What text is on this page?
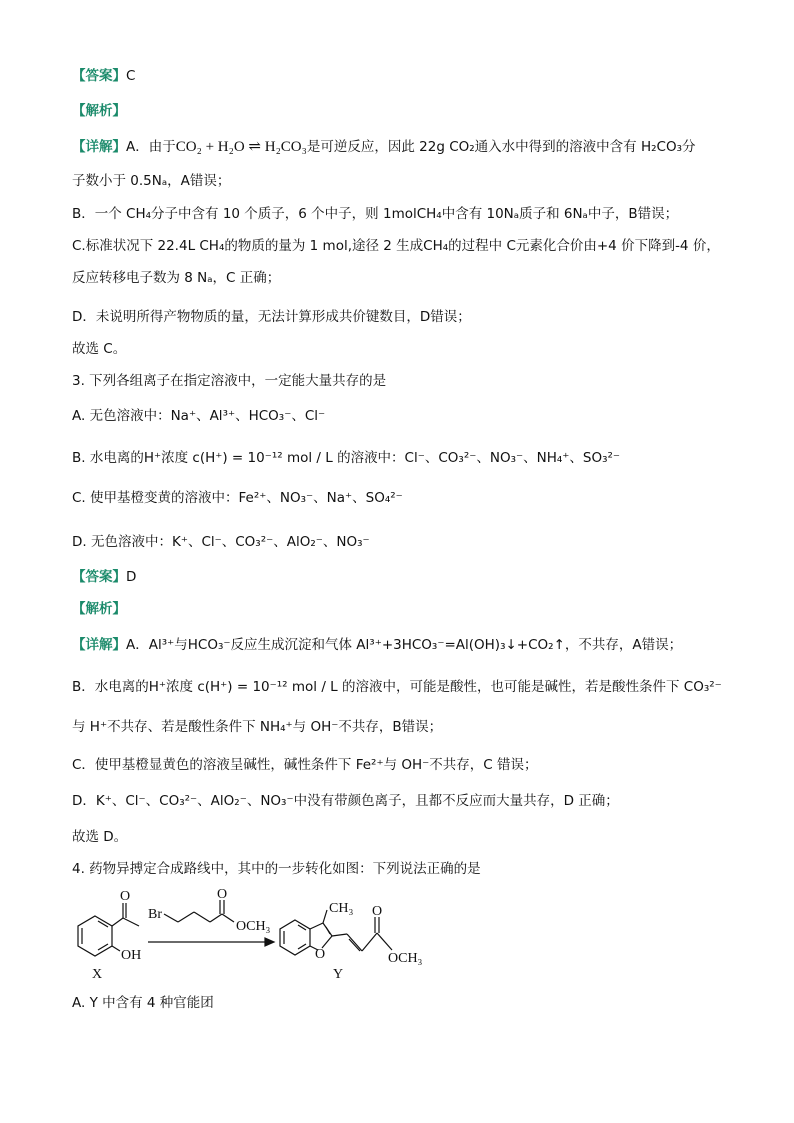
【答案】C
【解析】
【详解】A．由于CO₂ + H₂O ⇌ H₂CO₃是可逆反应，因此 22g CO₂通入水中得到的溶液中含有 H₂CO₃分
子数小于 0.5Nₐ，A错误；
B．一个 CH₄分子中含有 10 个质子，6 个中子，则 1molCH₄中含有 10Nₐ质子和 6Nₐ中子，B错误；
C.标准状况下 22.4L CH₄的物质的量为 1 mol,途径 2 生成CH₄的过程中 C元素化合价由+4 价下降到-4 价，
反应转移电子数为 8 Nₐ，C 正确；
D．未说明所得产物物质的量，无法计算形成共价键数目，D错误；
故选 C。
3. 下列各组离子在指定溶液中，一定能大量共存的是
A. 无色溶液中：Na⁺、Al³⁺、HCO₃⁻、Cl⁻
B. 水电离的H⁺浓度 c(H⁺) = 10⁻¹² mol / L 的溶液中：Cl⁻、CO₃²⁻、NO₃⁻、NH₄⁺、SO₃²⁻
C. 使甲基橙变黄的溶液中：Fe²⁺、NO₃⁻、Na⁺、SO₄²⁻
D. 无色溶液中：K⁺、Cl⁻、CO₃²⁻、AlO₂⁻、NO₃⁻
【答案】D
【解析】
【详解】A．Al³⁺与HCO₃⁻反应生成沉淀和气体 Al³⁺+3HCO₃⁻=Al(OH)₃↓+CO₂↑，不共存，A错误；
B．水电离的H⁺浓度 c(H⁺) = 10⁻¹² mol / L 的溶液中，可能是酸性，也可能是碱性，若是酸性条件下 CO₃²⁻
与 H⁺不共存、若是酸性条件下 NH₄⁺与 OH⁻不共存，B错误；
C．使甲基橙显黄色的溶液呈碱性，碱性条件下 Fe²⁺与 OH⁻不共存，C 错误；
D．K⁺、Cl⁻、CO₃²⁻、AlO₂⁻、NO₃⁻中没有带颜色离子，且都不反应而大量共存，D 正确；
故选 D。
4. 药物异搏定合成路线中，其中的一步转化如图：下列说法正确的是
O
OH
X
Br
O
OCH₃
CH₃
O
O
OCH₃
Y
A. Y 中含有 4 种官能团
